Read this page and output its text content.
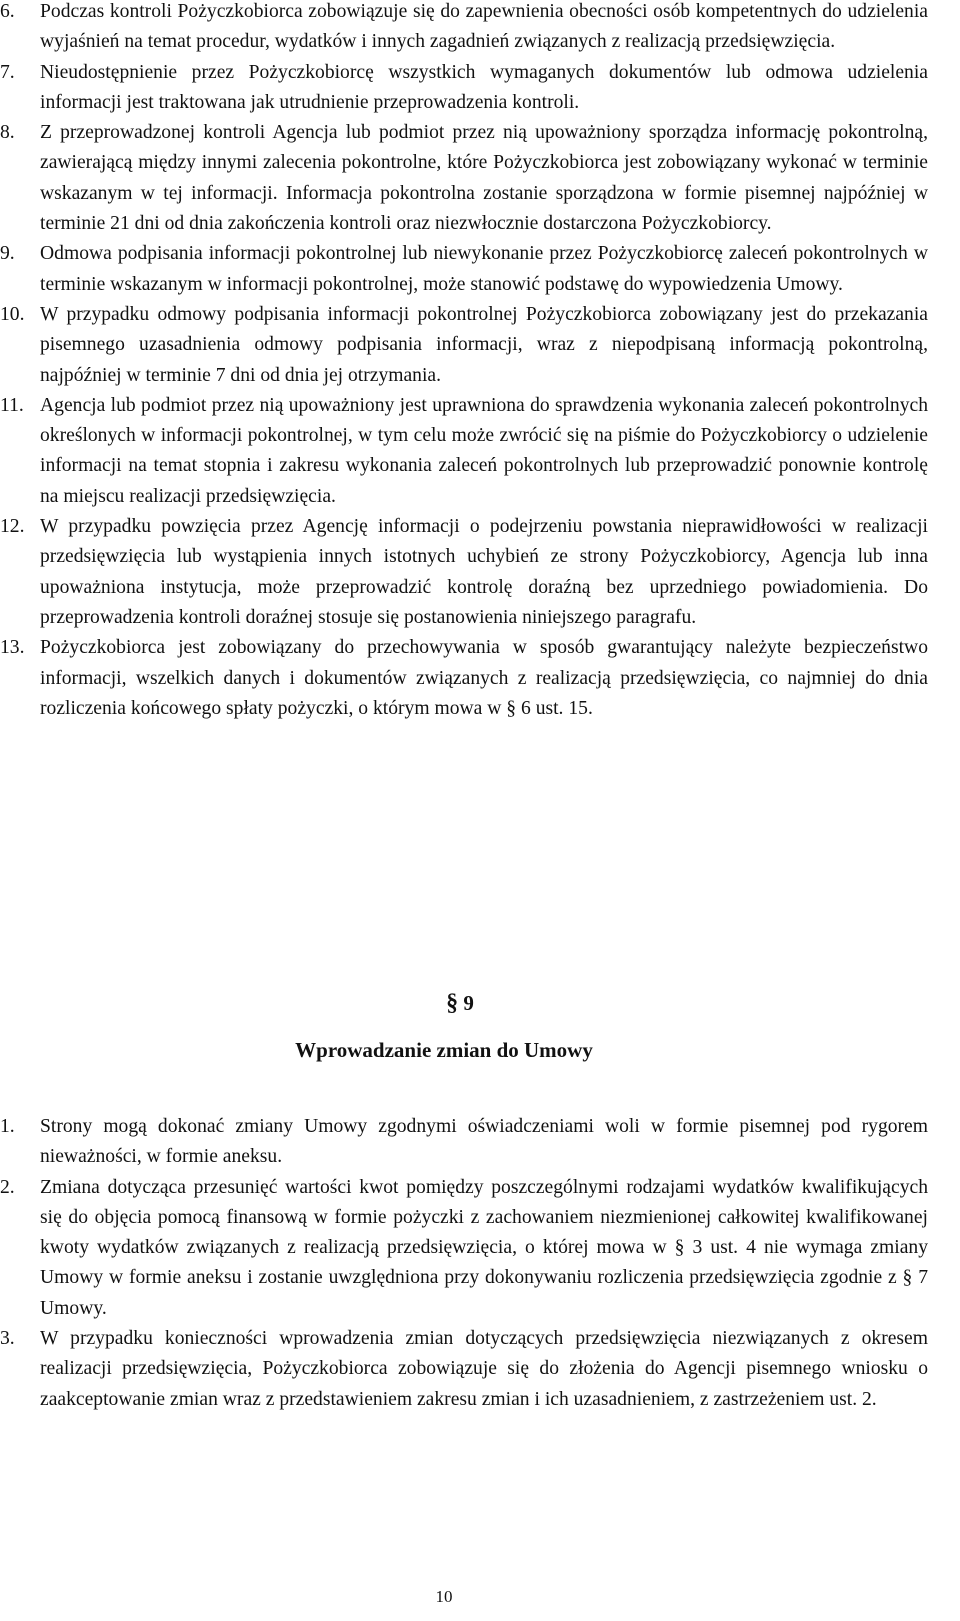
6. Podczas kontroli Pożyczkobiorca zobowiązuje się do zapewnienia obecności osób kompetentnych do udzielenia wyjaśnień na temat procedur, wydatków i innych zagadnień związanych z realizacją przedsięwzięcia.

7. Nieudostępnienie przez Pożyczkobiorcę wszystkich wymaganych dokumentów lub odmowa udzielenia informacji jest traktowana jak utrudnienie przeprowadzenia kontroli.

8. Z przeprowadzonej kontroli Agencja lub podmiot przez nią upoważniony sporządza informację pokontrolną, zawierającą między innymi zalecenia pokontrolne, które Pożyczkobiorca jest zobowiązany wykonać w terminie wskazanym w tej informacji. Informacja pokontrolna zostanie sporządzona w formie pisemnej najpóźniej w terminie 21 dni od dnia zakończenia kontroli oraz niezwłocznie dostarczona Pożyczkobiorcy.

9. Odmowa podpisania informacji pokontrolnej lub niewykonanie przez Pożyczkobiorcę zaleceń pokontrolnych w terminie wskazanym w informacji pokontrolnej, może stanowić podstawę do wypowiedzenia Umowy.

10. W przypadku odmowy podpisania informacji pokontrolnej Pożyczkobiorca zobowiązany jest do przekazania pisemnego uzasadnienia odmowy podpisania informacji, wraz z niepodpisaną informacją pokontrolną, najpóźniej w terminie 7 dni od dnia jej otrzymania.

11. Agencja lub podmiot przez nią upoważniony jest uprawniona do sprawdzenia wykonania zaleceń pokontrolnych określonych w informacji pokontrolnej, w tym celu może zwrócić się na piśmie do Pożyczkobiorcy o udzielenie informacji na temat stopnia i zakresu wykonania zaleceń pokontrolnych lub przeprowadzić ponownie kontrolę na miejscu realizacji przedsięwzięcia.

12. W przypadku powzięcia przez Agencję informacji o podejrzeniu powstania nieprawidłowości w realizacji przedsięwzięcia lub wystąpienia innych istotnych uchybień ze strony Pożyczkobiorcy, Agencja lub inna upoważniona instytucja, może przeprowadzić kontrolę doraźną bez uprzedniego powiadomienia. Do przeprowadzenia kontroli doraźnej stosuje się postanowienia niniejszego paragrafu.

13. Pożyczkobiorca jest zobowiązany do przechowywania w sposób gwarantujący należyte bezpieczeństwo informacji, wszelkich danych i dokumentów związanych z realizacją przedsięwzięcia, co najmniej do dnia rozliczenia końcowego spłaty pożyczki, o którym mowa w § 6 ust. 15.

§ 9
Wprowadzanie zmian do Umowy

1. Strony mogą dokonać zmiany Umowy zgodnymi oświadczeniami woli w formie pisemnej pod rygorem nieważności, w formie aneksu.

2. Zmiana dotycząca przesunięć wartości kwot pomiędzy poszczególnymi rodzajami wydatków kwalifikujących się do objęcia pomocą finansową w formie pożyczki z zachowaniem niezmienionej całkowitej kwalifikowanej kwoty wydatków związanych z realizacją przedsięwzięcia, o której mowa w § 3 ust. 4 nie wymaga zmiany Umowy w formie aneksu i zostanie uwzględniona przy dokonywaniu rozliczenia przedsięwzięcia zgodnie z § 7 Umowy.

3. W przypadku konieczności wprowadzenia zmian dotyczących przedsięwzięcia niezwiązanych z okresem realizacji przedsięwzięcia, Pożyczkobiorca zobowiązuje się do złożenia do Agencji pisemnego wniosku o zaakceptowanie zmian wraz z przedstawieniem zakresu zmian i ich uzasadnieniem, z zastrzeżeniem ust. 2.

10
